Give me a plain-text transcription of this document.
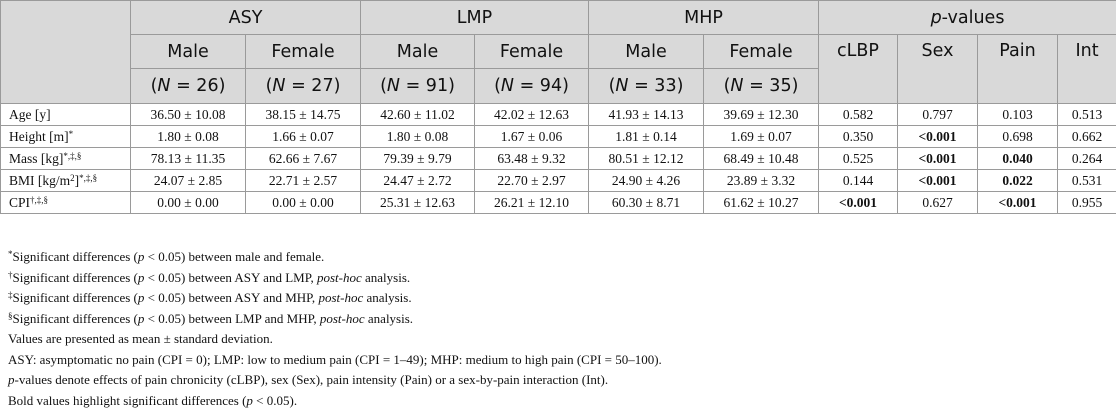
	ASY		LMP		MHP		p-values			
	Male	Female	Male	Female	Male	Female	cLBP	Sex	Pain	Int
	(N = 26)	(N = 27)	(N = 91)	(N = 94)	(N = 33)	(N = 35)				
Age [y]	36.50 ± 10.08	38.15 ± 14.75	42.60 ± 11.02	42.02 ± 12.63	41.93 ± 14.13	39.69 ± 12.30	0.582	0.797	0.103	0.513
Height [m]*	1.80 ± 0.08	1.66 ± 0.07	1.80 ± 0.08	1.67 ± 0.06	1.81 ± 0.14	1.69 ± 0.07	0.350	<0.001	0.698	0.662
Mass [kg]*,‡,§	78.13 ± 11.35	62.66 ± 7.67	79.39 ± 9.79	63.48 ± 9.32	80.51 ± 12.12	68.49 ± 10.48	0.525	<0.001	0.040	0.264
BMI $[kg/m^2]^{*,\ddagger,\S}$	24.07 ± 2.85	22.71 ± 2.57	24.47 ± 2.72	22.70 ± 2.97	24.90 ± 4.26	23.89 ± 3.32	0.144	<0.001	0.022	0.531
CPI†,‡,§	0.00 ± 0.00	0.00 ± 0.00	25.31 ± 12.63	26.21 ± 12.10	60.30 ± 8.71	61.62 ± 10.27	<0.001	0.627	<0.001	0.955
*Significant differences (p < 0.05) between male and female.
†Significant differences (p < 0.05) between ASY and LMP, post-hoc analysis.
‡Significant differences (p < 0.05) between ASY and MHP, post-hoc analysis.
§Significant differences (p < 0.05) between LMP and MHP, post-hoc analysis.
Values are presented as mean ± standard deviation.
ASY: asymptomatic no pain (CPI = 0); LMP: low to medium pain (CPI = 1–49); MHP: medium to high pain (CPI = 50–100).
p-values denote effects of pain chronicity (cLBP), sex (Sex), pain intensity (Pain) or a sex-by-pain interaction (Int).
Bold values highlight significant differences (p < 0.05).
